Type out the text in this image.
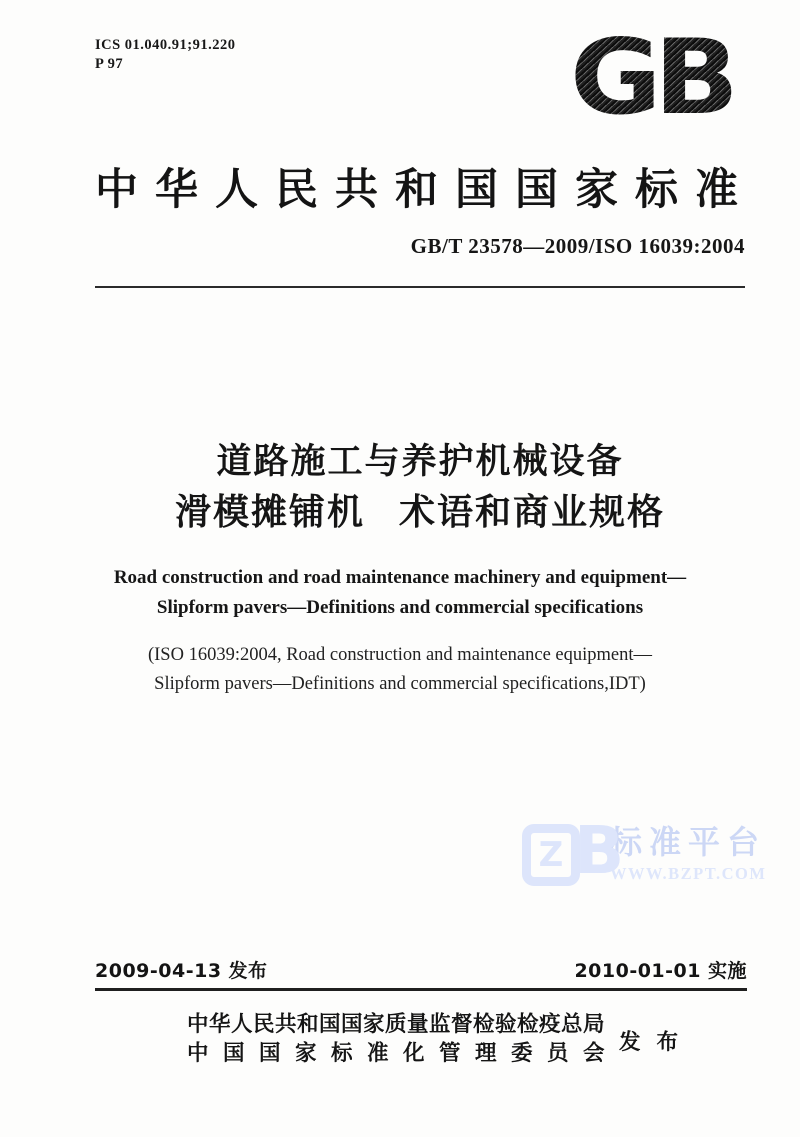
ICS 01.040.91;91.220
P 97	GB
中华人民共和国国家标准
GB/T 23578—2009/ISO 16039:2004
道路施工与养护机械设备
滑模摊铺机 术语和商业规格
Road construction and road maintenance machinery and equipment—
Slipform pavers—Definitions and commercial specifications
(ISO 16039:2004, Road construction and maintenance equipment—
Slipform pavers—Definitions and commercial specifications,IDT)
Z B
标准平台
WWW.BZPT.COM
2009-04-13 发布	2010-01-01 实施
中华人民共和国国家质量监督检验检疫总局
中国国家标准化管理委员会 发布
